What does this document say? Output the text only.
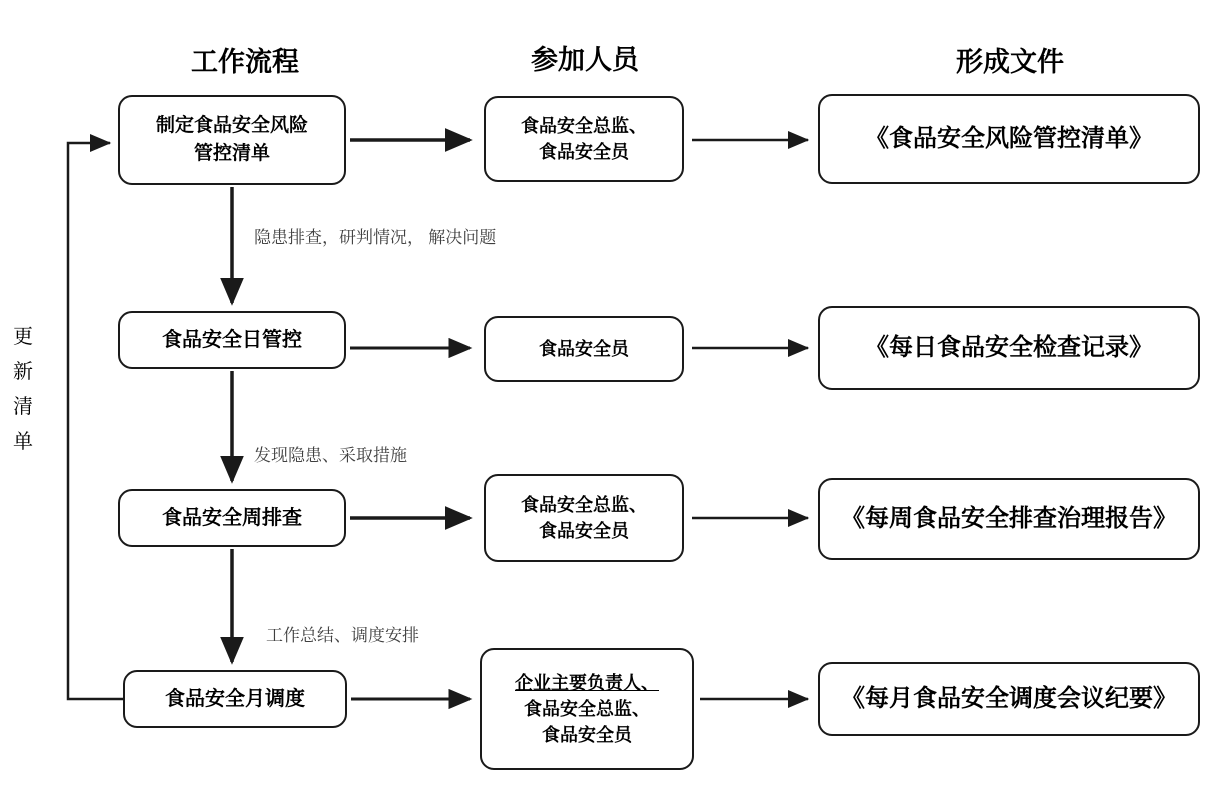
工作流程	参加人员	形成文件
更 新 清 单
制定食品安全风险
管控清单
食品安全日管控
食品安全周排查
食品安全月调度
食品安全总监、
食品安全员
食品安全员
食品安全总监、
食品安全员
企业主要负责人、
食品安全总监、
食品安全员
《食品安全风险管控清单》
《每日食品安全检查记录》
《每周食品安全排查治理报告》
《每月食品安全调度会议纪要》
隐患排查，研判情况， 解决问题
发现隐患、采取措施
工作总结、调度安排
